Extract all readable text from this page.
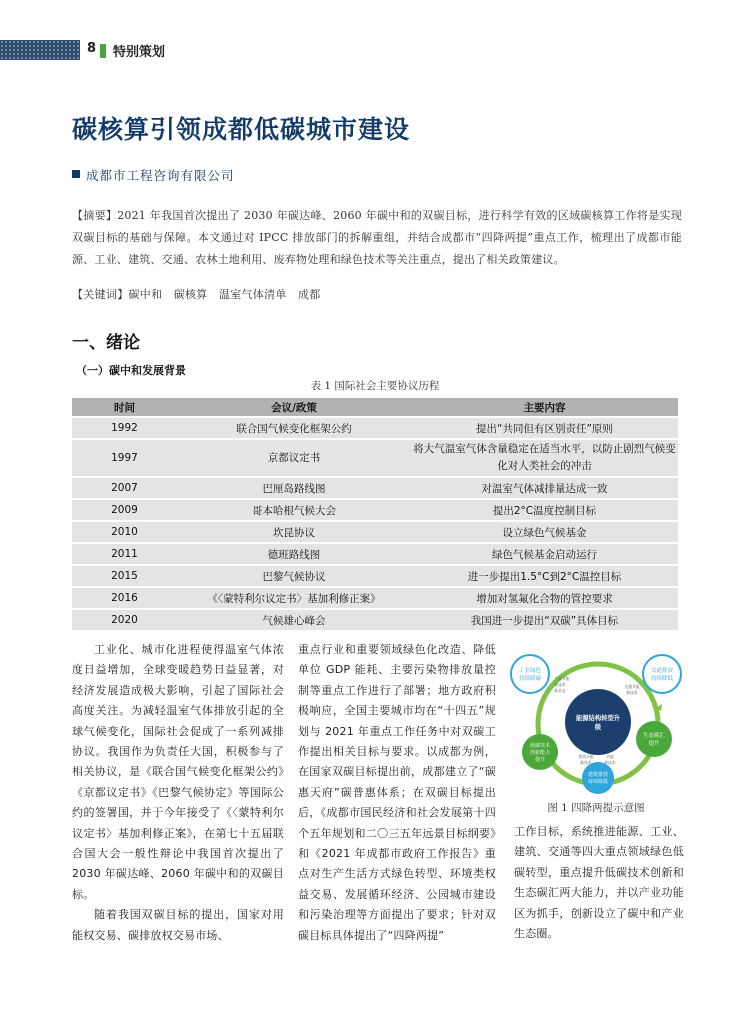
8 特别策划
碳核算引领成都低碳城市建设
成都市工程咨询有限公司
【摘要】2021 年我国首次提出了 2030 年碳达峰、2060 年碳中和的双碳目标，进行科学有效的区域碳核算工作将是实现双碳目标的基础与保障。本文通过对 IPCC 排放部门的拆解重组，并结合成都市“四降两提”重点工作，梳理出了成都市能源、工业、建筑、交通、农林土地利用、废弃物处理和绿色技术等关注重点，提出了相关政策建议。
【关键词】碳中和　碳核算　温室气体清单　成都
一、绪论
（一）碳中和发展背景
表 1 国际社会主要协议历程
时间	会议/政策	主要内容
1992	联合国气候变化框架公约	提出“共同但有区别责任”原则
1997	京都议定书	将大气温室气体含量稳定在适当水平，以防止剧烈气候变化对人类社会的冲击
2007	巴厘岛路线图	对温室气体减排量达成一致
2009	哥本哈根气候大会	提出2°C温度控制目标
2010	坎昆协议	设立绿色气候基金
2011	德班路线图	绿色气候基金启动运行
2015	巴黎气候协议	进一步提出1.5°C到2°C温控目标
2016	《〈蒙特利尔议定书〉基加利修正案》	增加对氢氟化合物的管控要求
2020	气候雄心峰会	我国进一步提出“双碳”具体目标

工业化、城市化进程使得温室气体浓度日益增加，全球变暖趋势日益显著，对经济发展造成极大影响，引起了国际社会高度关注。为减轻温室气体排放引起的全球气候变化，国际社会促成了一系列减排协议。我国作为负责任大国，积极参与了相关协议，是《联合国气候变化框架公约》《京都议定书》《巴黎气候协定》等国际公约的签署国，并于今年接受了《〈蒙特利尔议定书〉基加利修正案》，在第七十五届联合国大会一般性辩论中我国首次提出了 2030 年碳达峰、2060 年碳中和的双碳目标。

随着我国双碳目标的提出，国家对用能权交易、碳排放权交易市场、

重点行业和重要领域绿色化改造、降低单位 GDP 能耗、主要污染物排放量控制等重点工作进行了部署；地方政府积极响应，全国主要城市均在“十四五”规划与 2021 年重点工作任务中对双碳工作提出相关目标与要求。以成都为例，在国家双碳目标提出前，成都建立了“碳惠天府”碳普惠体系；在双碳目标提出后，《成都市国民经济和社会发展第十四个五年规划和二〇三五年远景目标纲要》和《2021 年成都市政府工作报告》重点对生产生活方式绿色转型、环境类权益交易、发展循环经济、公园城市建设和污染治理等方面提出了要求；针对双碳目标具体提出了“四降两提”

能源结构转型升
级
工业绿色
持续降碳
交通排放
持续降低
生态碳汇
提升
低碳技术
创新能力
提升
建筑排放
持续降低
工业节能
新技术
新业态
交通节能
新技术
建筑节能
新技术
节能
新技术
图 1 四降两提示意图

工作目标，系统推进能源、工业、建筑、交通等四大重点领域绿色低碳转型，重点提升低碳技术创新和生态碳汇两大能力，并以产业功能区为抓手，创新设立了碳中和产业生态圈。
